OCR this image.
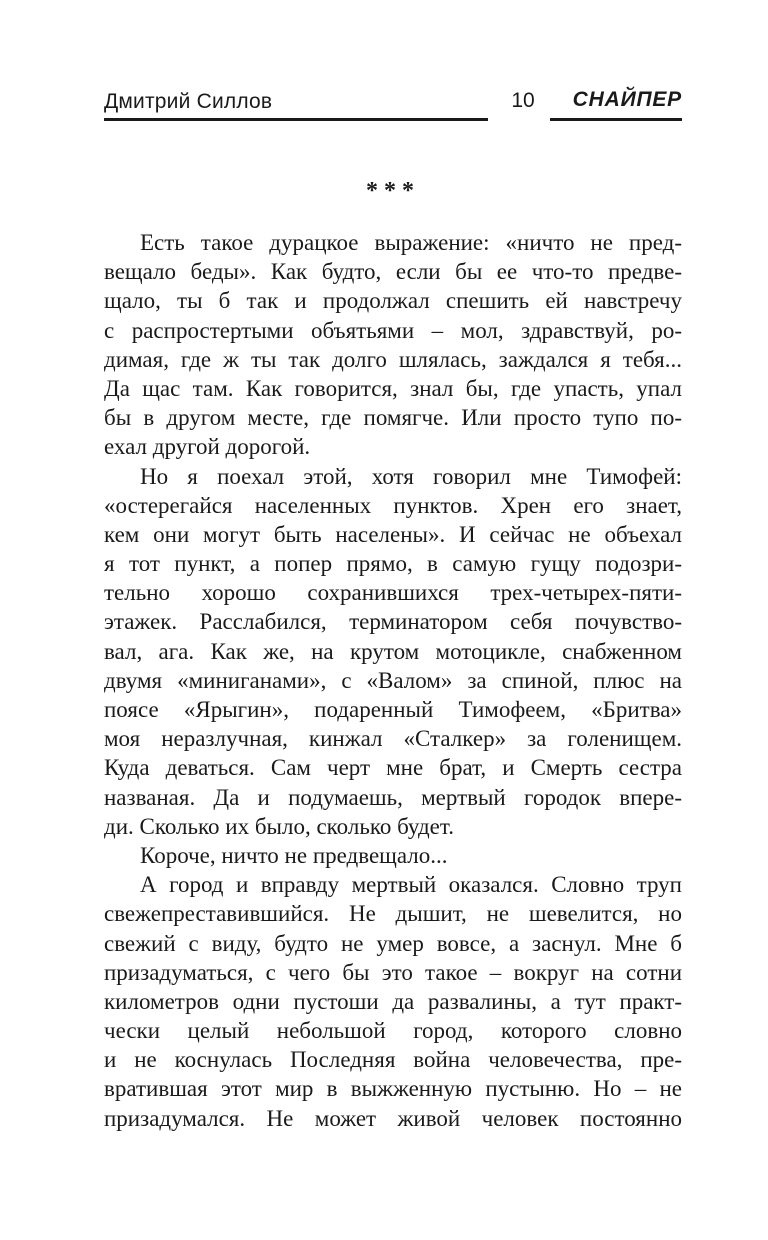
Дмитрий Силлов	10	СНАЙПЕР
***
Есть такое дурацкое выражение: «ничто не пред-
вещало беды». Как будто, если бы ее что-то предве-
щало, ты б так и продолжал спешить ей навстречу
с распростертыми объятьями – мол, здравствуй, ро-
димая, где ж ты так долго шлялась, заждался я тебя...
Да щас там. Как говорится, знал бы, где упасть, упал
бы в другом месте, где помягче. Или просто тупо по-
ехал другой дорогой.
Но я поехал этой, хотя говорил мне Тимофей:
«остерегайся населенных пунктов. Хрен его знает,
кем они могут быть населены». И сейчас не объехал
я тот пункт, а попер прямо, в самую гущу подозри-
тельно хорошо сохранившихся трех-четырех-пяти-
этажек. Расслабился, терминатором себя почувство-
вал, ага. Как же, на крутом мотоцикле, снабженном
двумя «миниганами», с «Валом» за спиной, плюс на
поясе «Ярыгин», подаренный Тимофеем, «Бритва»
моя неразлучная, кинжал «Сталкер» за голенищем.
Куда деваться. Сам черт мне брат, и Смерть сестра
названая. Да и подумаешь, мертвый городок впере-
ди. Сколько их было, сколько будет.
Короче, ничто не предвещало...
А город и вправду мертвый оказался. Словно труп
свежепреставившийся. Не дышит, не шевелится, но
свежий с виду, будто не умер вовсе, а заснул. Мне б
призадуматься, с чего бы это такое – вокруг на сотни
километров одни пустоши да развалины, а тут практ-
чески целый небольшой город, которого словно
и не коснулась Последняя война человечества, пре-
вратившая этот мир в выжженную пустыню. Но – не
призадумался. Не может живой человек постоянно
